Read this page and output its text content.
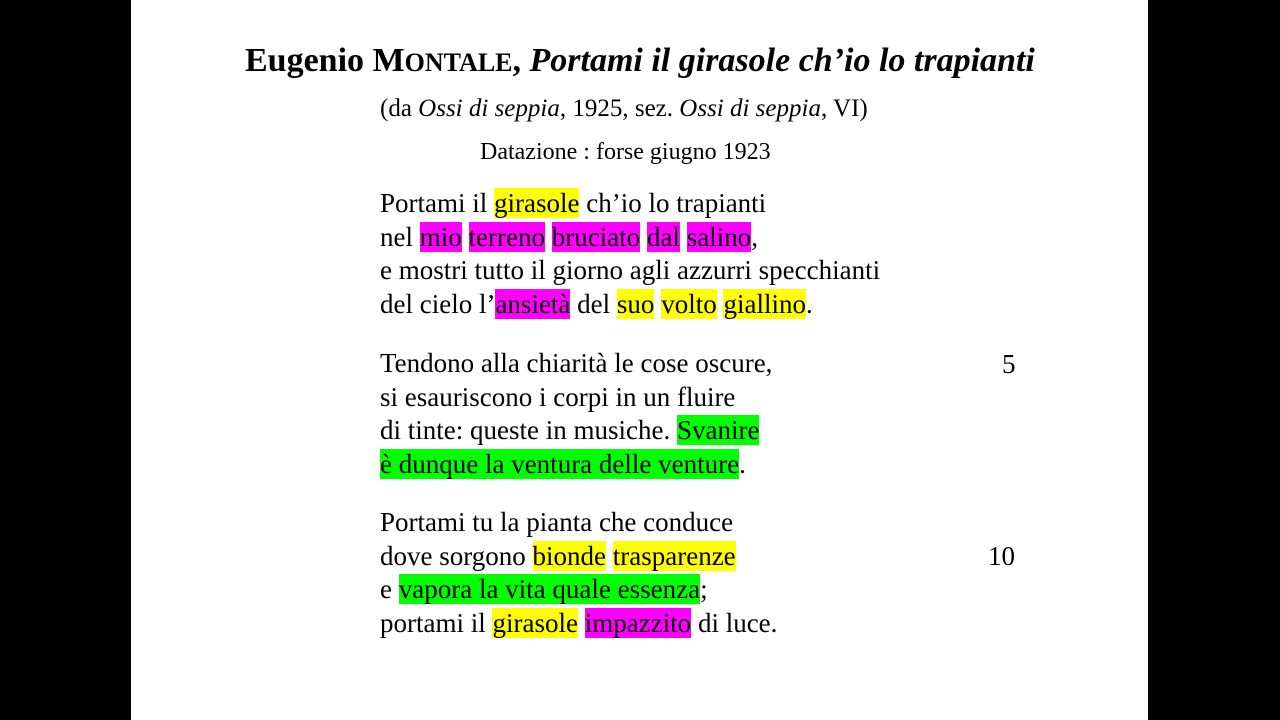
Eugenio MONTALE, Portami il girasole ch’io lo trapianti
(da Ossi di seppia, 1925, sez. Ossi di seppia, VI)
Datazione : forse giugno 1923
Portami il girasole ch’io lo trapianti
nel mio terreno bruciato dal salino,
e mostri tutto il giorno agli azzurri specchianti
del cielo l’ansietà del suo volto giallino.
Tendono alla chiarità le cose oscure,
si esauriscono i corpi in un fluire
di tinte: queste in musiche. Svanire
è dunque la ventura delle venture.
Portami tu la pianta che conduce
dove sorgono bionde trasparenze
e vapora la vita quale essenza;
portami il girasole impazzito di luce.
5
10
